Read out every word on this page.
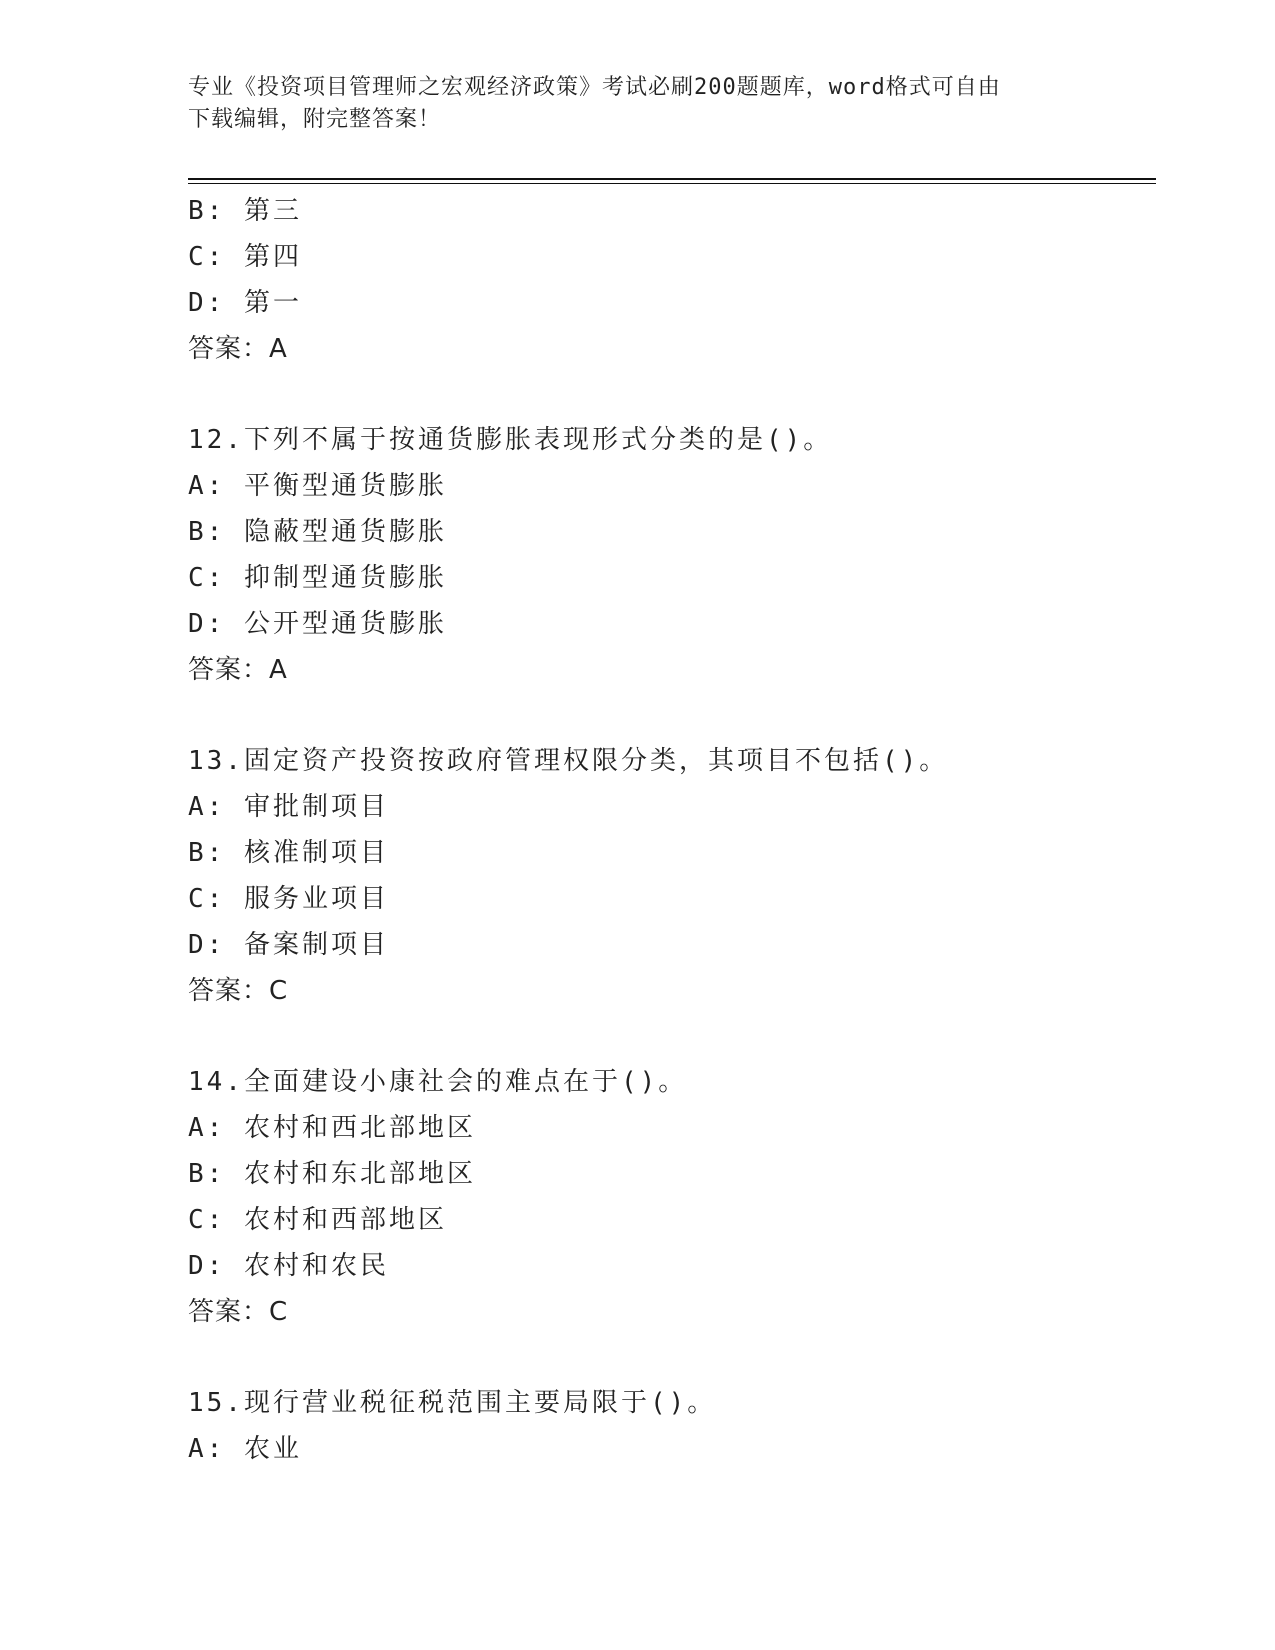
专业《投资项目管理师之宏观经济政策》考试必刷200题题库，word格式可自由
下载编辑，附完整答案！
B: 第三
C: 第四
D: 第一
答案：A
12.下列不属于按通货膨胀表现形式分类的是()。
A: 平衡型通货膨胀
B: 隐蔽型通货膨胀
C: 抑制型通货膨胀
D: 公开型通货膨胀
答案：A
13.固定资产投资按政府管理权限分类，其项目不包括()。
A: 审批制项目
B: 核准制项目
C: 服务业项目
D: 备案制项目
答案：C
14.全面建设小康社会的难点在于()。
A: 农村和西北部地区
B: 农村和东北部地区
C: 农村和西部地区
D: 农村和农民
答案：C
15.现行营业税征税范围主要局限于()。
A: 农业
